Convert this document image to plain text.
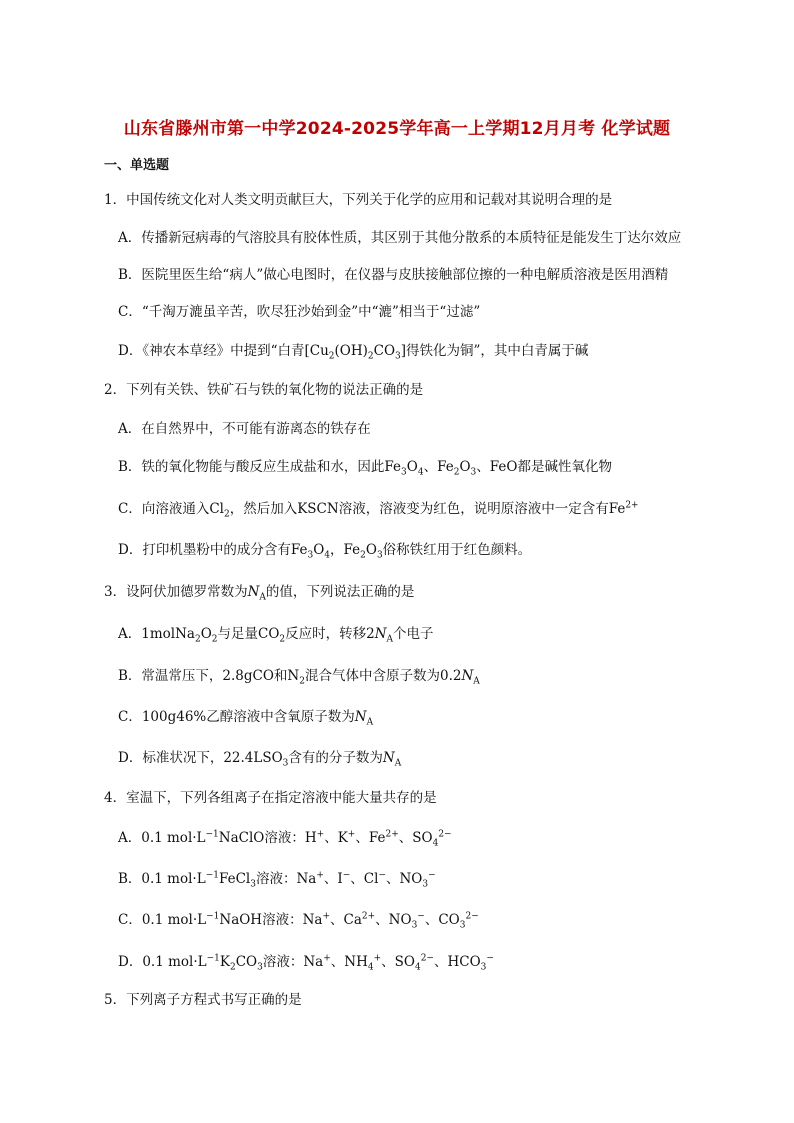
山东省滕州市第一中学2024-2025学年高一上学期12月月考 化学试题
一、单选题
1．中国传统文化对人类文明贡献巨大，下列关于化学的应用和记载对其说明合理的是
A．传播新冠病毒的气溶胶具有胶体性质，其区别于其他分散系的本质特征是能发生丁达尔效应
B．医院里医生给“病人”做心电图时，在仪器与皮肤接触部位擦的一种电解质溶液是医用酒精
C．“千淘万漉虽辛苦，吹尽狂沙始到金”中“漉”相当于“过滤”
D．《神农本草经》中提到“白青$[Cu_2(OH)_2CO_3]$得铁化为铜”，其中白青属于碱
2．下列有关铁、铁矿石与铁的氧化物的说法正确的是
A．在自然界中，不可能有游离态的铁存在
B．铁的氧化物能与酸反应生成盐和水，因此$Fe_3O_4$、$Fe_2O_3$、FeO都是碱性氧化物
C．向溶液通入$Cl_2$，然后加入KSCN溶液，溶液变为红色，说明原溶液中一定含有$Fe^{2+}$
D．打印机墨粉中的成分含有$Fe_3O_4$，$Fe_2O_3$俗称铁红用于红色颜料。
3．设阿伏加德罗常数为$N_A$的值，下列说法正确的是
A．$1molNa_2O_2$与足量$CO_2$反应时，转移$2N_A$个电子
B．常温常压下，2.8gCO和$N_2$混合气体中含原子数为$0.2N_A$
C．100g46%乙醇溶液中含氧原子数为$N_A$
D．标准状况下，$22.4LSO_3$含有的分子数为$N_A$
4．室温下，下列各组离子在指定溶液中能大量共存的是
A．0.1 $mol\cdot L^{-1}NaClO$溶液：H+、K+、$Fe^{2+}$、$SO_4^{2-}$
B．0.1 $mol\cdot L^{-1}FeCl_3$溶液：Na+、I−、Cl−、$NO_3^-$
C．0.1 $mol\cdot L^{-1}NaOH$溶液：Na+、$Ca^{2+}$、$NO_3^-$、$CO_3^{2-}$
D．0.1 $mol\cdot L^{-1}K_2CO_3$溶液：Na+、$NH_4^+$、$SO_4^{2-}$、$HCO_3^-$
5．下列离子方程式书写正确的是
